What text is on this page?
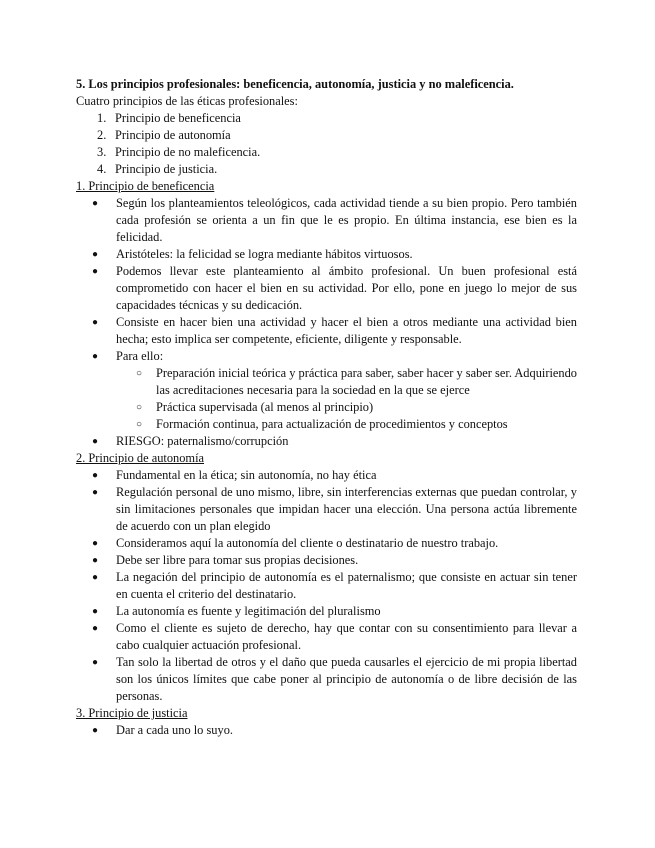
5. Los principios profesionales: beneficencia, autonomía, justicia y no maleficencia.

Cuatro principios de las éticas profesionales:

1. Principio de beneficencia
2. Principio de autonomía
3. Principio de no maleficencia.
4. Principio de justicia.

1. Principio de beneficencia

● Según los planteamientos teleológicos, cada actividad tiende a su bien propio. Pero también cada profesión se orienta a un fin que le es propio. En última instancia, ese bien es la felicidad.
● Aristóteles: la felicidad se logra mediante hábitos virtuosos.
● Podemos llevar este planteamiento al ámbito profesional. Un buen profesional está comprometido con hacer el bien en su actividad. Por ello, pone en juego lo mejor de sus capacidades técnicas y su dedicación.
● Consiste en hacer bien una actividad y hacer el bien a otros mediante una actividad bien hecha; esto implica ser competente, eficiente, diligente y responsable.
● Para ello:
○ Preparación inicial teórica y práctica para saber, saber hacer y saber ser. Adquiriendo las acreditaciones necesaria para la sociedad en la que se ejerce
○ Práctica supervisada (al menos al principio)
○ Formación continua, para actualización de procedimientos y conceptos
● RIESGO: paternalismo/corrupción

2. Principio de autonomía

● Fundamental en la ética; sin autonomía, no hay ética
● Regulación personal de uno mismo, libre, sin interferencias externas que puedan controlar, y sin limitaciones personales que impidan hacer una elección. Una persona actúa libremente de acuerdo con un plan elegido
● Consideramos aquí la autonomía del cliente o destinatario de nuestro trabajo.
● Debe ser libre para tomar sus propias decisiones.
● La negación del principio de autonomía es el paternalismo; que consiste en actuar sin tener en cuenta el criterio del destinatario.
● La autonomía es fuente y legitimación del pluralismo
● Como el cliente es sujeto de derecho, hay que contar con su consentimiento para llevar a cabo cualquier actuación profesional.
● Tan solo la libertad de otros y el daño que pueda causarles el ejercicio de mi propia libertad son los únicos límites que cabe poner al principio de autonomía o de libre decisión de las personas.

3. Principio de justicia

● Dar a cada uno lo suyo.
